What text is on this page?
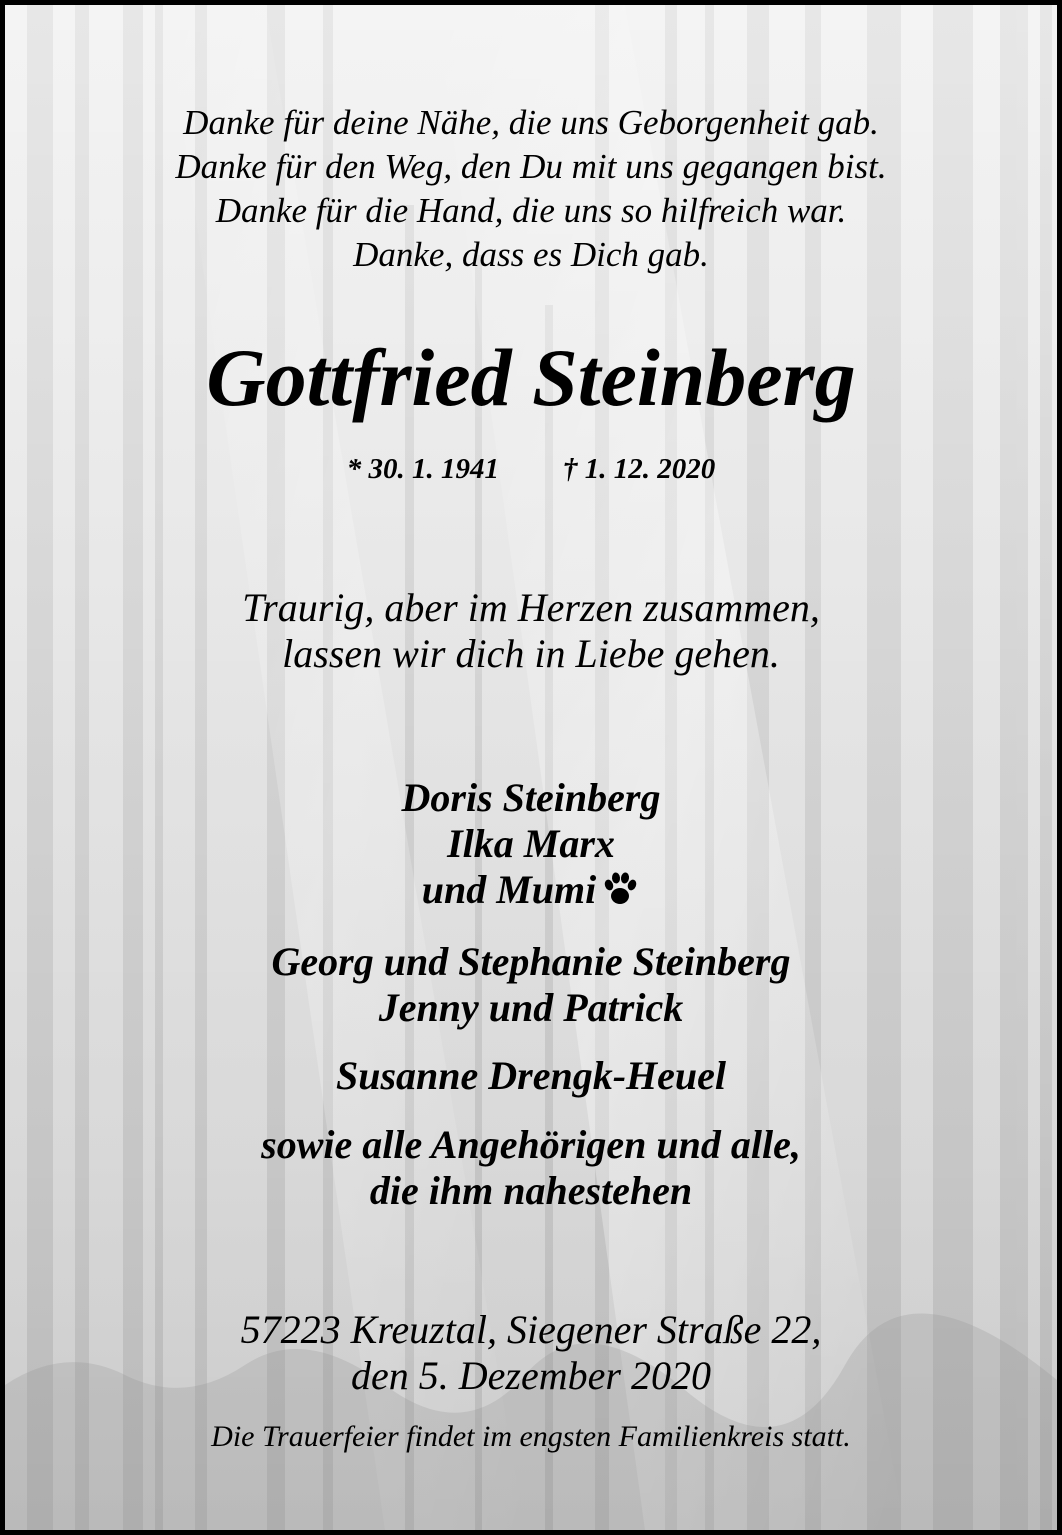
Danke für deine Nähe, die uns Geborgenheit gab.
Danke für den Weg, den Du mit uns gegangen bist.
Danke für die Hand, die uns so hilfreich war.
Danke, dass es Dich gab.

Gottfried Steinberg

* 30. 1. 1941 † 1. 12. 2020

Traurig, aber im Herzen zusammen,
lassen wir dich in Liebe gehen.

Doris Steinberg
Ilka Marx

und Mumi

Georg und Stephanie Steinberg
Jenny und Patrick

Susanne Drengk-Heuel

sowie alle Angehörigen und alle,
die ihm nahestehen

57223 Kreuztal, Siegener Straße 22,
den 5. Dezember 2020

Die Trauerfeier findet im engsten Familienkreis statt.
